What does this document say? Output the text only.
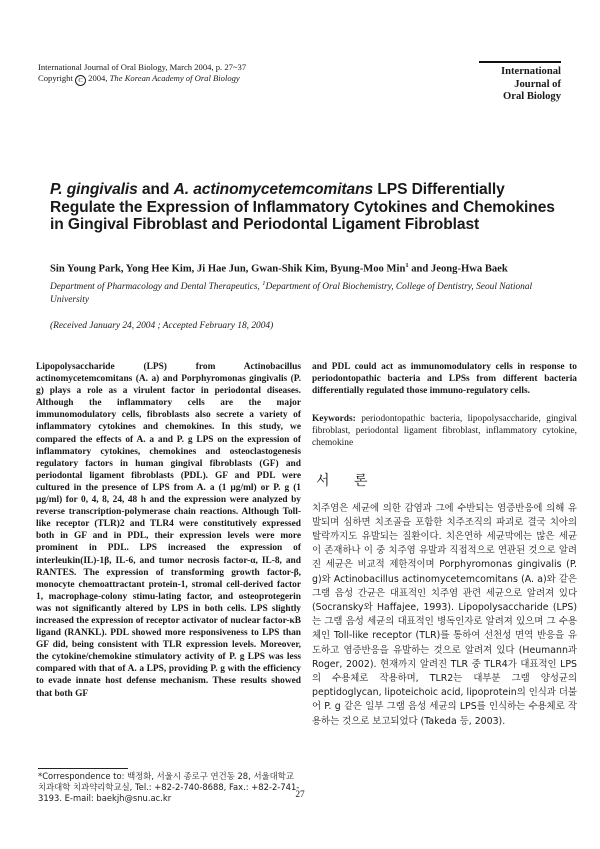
International Journal of Oral Biology, March 2004, p. 27~37
Copyright C 2004, The Korean Academy of Oral Biology
International
Journal of
Oral Biology
P. gingivalis and A. actinomycetemcomitans LPS Differentially Regulate the Expression of Inflammatory Cytokines and Chemokines in Gingival Fibroblast and Periodontal Ligament Fibroblast
Sin Young Park, Yong Hee Kim, Ji Hae Jun, Gwan-Shik Kim, Byung-Moo Min$^1$ and Jeong-Hwa Baek
Department of Pharmacology and Dental Therapeutics, $^1$Department of Oral Biochemistry, College of Dentistry, Seoul National University
(Received January 24, 2004 ; Accepted February 18, 2004)

Lipopolysaccharide (LPS) from Actinobacillus actinomycetemcomitans (A. a) and Porphyromonas gingivalis (P. g) plays a role as a virulent factor in periodontal diseases. Although the inflammatory cells are the major immunomodulatory cells, fibroblasts also secrete a variety of inflammatory cytokines and chemokines. In this study, we compared the effects of A. a and P. g LPS on the expression of inflammatory cytokines, chemokines and osteoclastogenesis regulatory factors in human gingival fibroblasts (GF) and periodontal ligament fibroblasts (PDL). GF and PDL were cultured in the presence of LPS from A. a (1 µg/ml) or P. g (1 µg/ml) for 0, 4, 8, 24, 48 h and the expression were analyzed by reverse transcription-polymerase chain reactions. Although Toll-like receptor (TLR)2 and TLR4 were constitutively expressed both in GF and in PDL, their expression levels were more prominent in PDL. LPS increased the expression of interleukin(IL)-1β, IL-6, and tumor necrosis factor-α, IL-8, and RANTES. The expression of transforming growth factor-β, monocyte chemoattractant protein-1, stromal cell-derived factor 1, macrophage-colony stimu-lating factor, and osteoprotegerin was not significantly altered by LPS in both cells. LPS slightly increased the expression of receptor activator of nuclear factor-κB ligand (RANKL). PDL showed more responsiveness to LPS than GF did, being consistent with TLR expression levels. Moreover, the cytokine/chemokine stimulatory activity of P. g LPS was less compared with that of A. a LPS, providing P. g with the efficiency to evade innate host defense mechanism. These results showed that both GF

and PDL could act as immunomodulatory cells in response to periodontopathic bacteria and LPSs from different bacteria differentially regulated those immuno-regulatory cells.

Keywords: periodontopathic bacteria, lipopolysaccharide, gingival fibroblast, periodontal ligament fibroblast, inflammatory cytokine, chemokine

서 론

치주염은 세균에 의한 감염과 그에 수반되는 염증반응에 의해 유발되며 심하면 치조골을 포함한 치주조직의 파괴로 결국 치아의 탈락까지도 유발되는 질환이다. 치은연하 세균막에는 많은 세균이 존재하나 이 중 치주염 유발과 직접적으로 연관된 것으로 알려진 세균은 비교적 제한적이며 Porphyromonas gingivalis (P. g)와 Actinobacillus actinomycetemcomitans (A. a)와 같은 그램 음성 간균은 대표적인 치주염 관련 세균으로 알려져 있다 (Socransky와 Haffajee, 1993). Lipopolysaccharide (LPS)는 그램 음성 세균의 대표적인 병독인자로 알려져 있으며 그 수용체인 Toll-like receptor (TLR)를 통하여 선천성 면역 반응을 유도하고 염증반응을 유발하는 것으로 알려져 있다 (Heumann과 Roger, 2002). 현재까지 알려진 TLR 중 TLR4가 대표적인 LPS의 수용체로 작용하며, TLR2는 대부분 그램 양성균의 peptidoglycan, lipoteichoic acid, lipoprotein의 인식과 더불어 P. g 같은 일부 그램 음성 세균의 LPS를 인식하는 수용체로 작용하는 것으로 보고되었다 (Takeda 등, 2003).

*Correspondence to: 백정화, 서울시 종로구 연건동 28, 서울대학교 치과대학 치과약리학교실, Tel.: +82-2-740-8688, Fax.: +82-2-741-3193. E-mail: baekjh@snu.ac.kr	27
